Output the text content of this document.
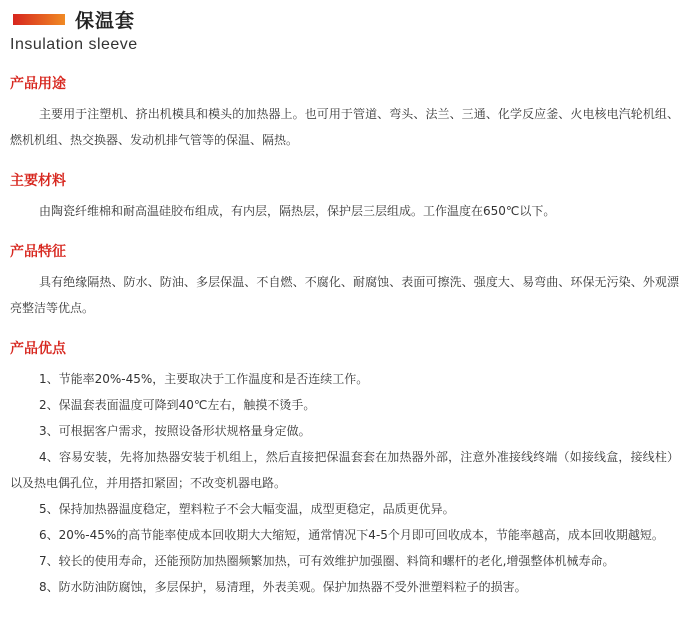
保温套
Insulation sleeve
产品用途

主要用于注塑机、挤出机模具和模头的加热器上。也可用于管道、弯头、法兰、三通、化学反应釜、火电核电汽轮机组、燃机机组、热交换器、发动机排气管等的保温、隔热。

主要材料

由陶瓷纤维棉和耐高温硅胶布组成，有内层，隔热层，保护层三层组成。工作温度在650℃以下。

产品特征

具有绝缘隔热、防水、防油、多层保温、不自燃、不腐化、耐腐蚀、表面可擦洗、强度大、易弯曲、环保无污染、外观漂亮整洁等优点。

产品优点
1、节能率20%-45%，主要取决于工作温度和是否连续工作。
2、保温套表面温度可降到40℃左右，触摸不烫手。
3、可根据客户需求，按照设备形状规格量身定做。
4、容易安装，先将加热器安装于机组上，然后直接把保温套套在加热器外部，注意外准接线终端（如接线盒，接线柱）以及热电偶孔位，并用搭扣紧固；不改变机器电路。
5、保持加热器温度稳定，塑料粒子不会大幅变温，成型更稳定，品质更优异。
6、20%-45%的高节能率使成本回收期大大缩短，通常情况下4-5个月即可回收成本，节能率越高，成本回收期越短。
7、较长的使用寿命，还能预防加热圈频繁加热，可有效维护加强圈、料筒和螺杆的老化,增强整体机械寿命。
8、防水防油防腐蚀，多层保护，易清理，外表美观。保护加热器不受外泄塑料粒子的损害。
